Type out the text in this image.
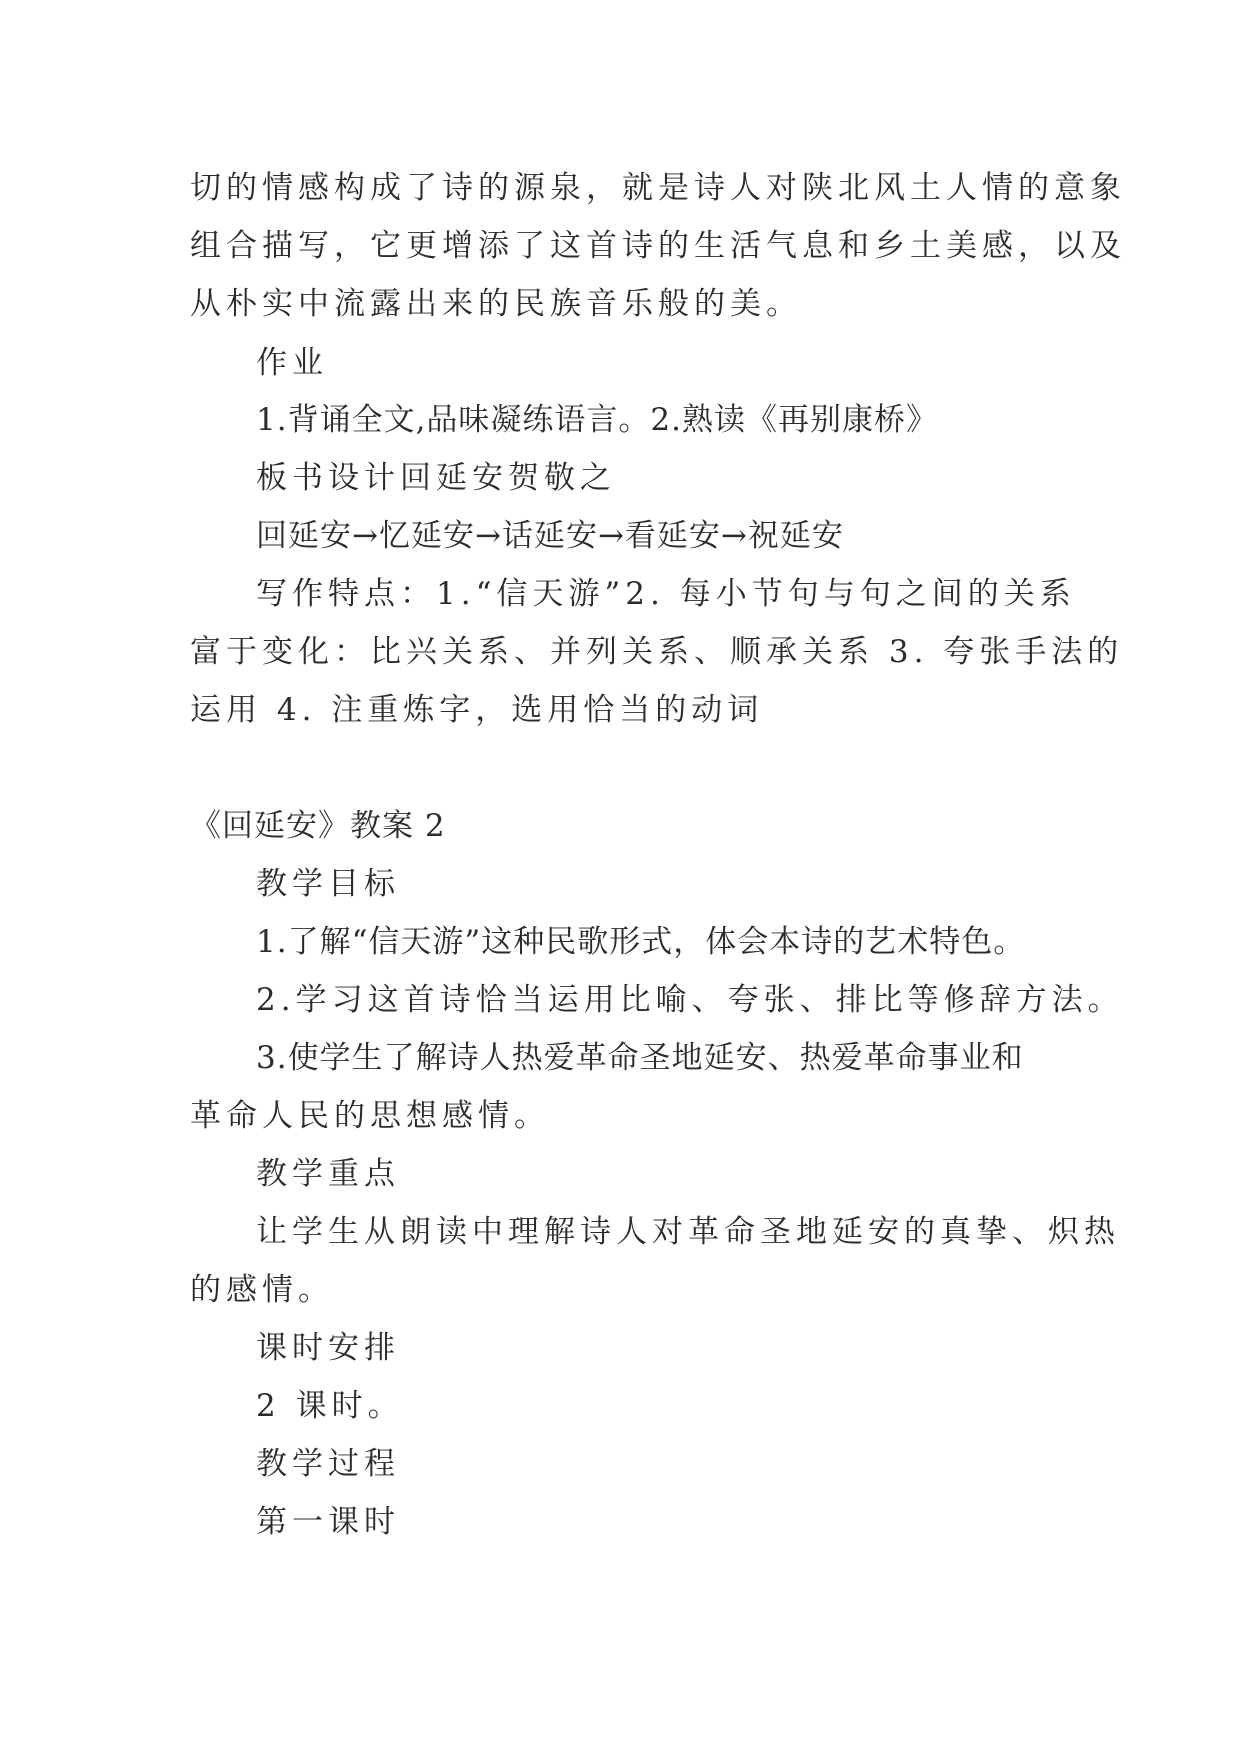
切的情感构成了诗的源泉，就是诗人对陕北风土人情的意象
组合描写，它更增添了这首诗的生活气息和乡土美感，以及
从朴实中流露出来的民族音乐般的美。
作业
1.背诵全文,品味凝练语言。2.熟读《再别康桥》
板书设计回延安贺敬之
回延安→忆延安→话延安→看延安→祝延安
写作特点：1.“信天游”2. 每小节句与句之间的关系
富于变化：比兴关系、并列关系、顺承关系 3. 夸张手法的
运用 4. 注重炼字，选用恰当的动词
《回延安》教案 2
教学目标
1.了解“信天游”这种民歌形式，体会本诗的艺术特色。
2.学习这首诗恰当运用比喻、夸张、排比等修辞方法。
3.使学生了解诗人热爱革命圣地延安、热爱革命事业和
革命人民的思想感情。
教学重点
让学生从朗读中理解诗人对革命圣地延安的真挚、炽热
的感情。
课时安排
2 课时。
教学过程
第一课时
